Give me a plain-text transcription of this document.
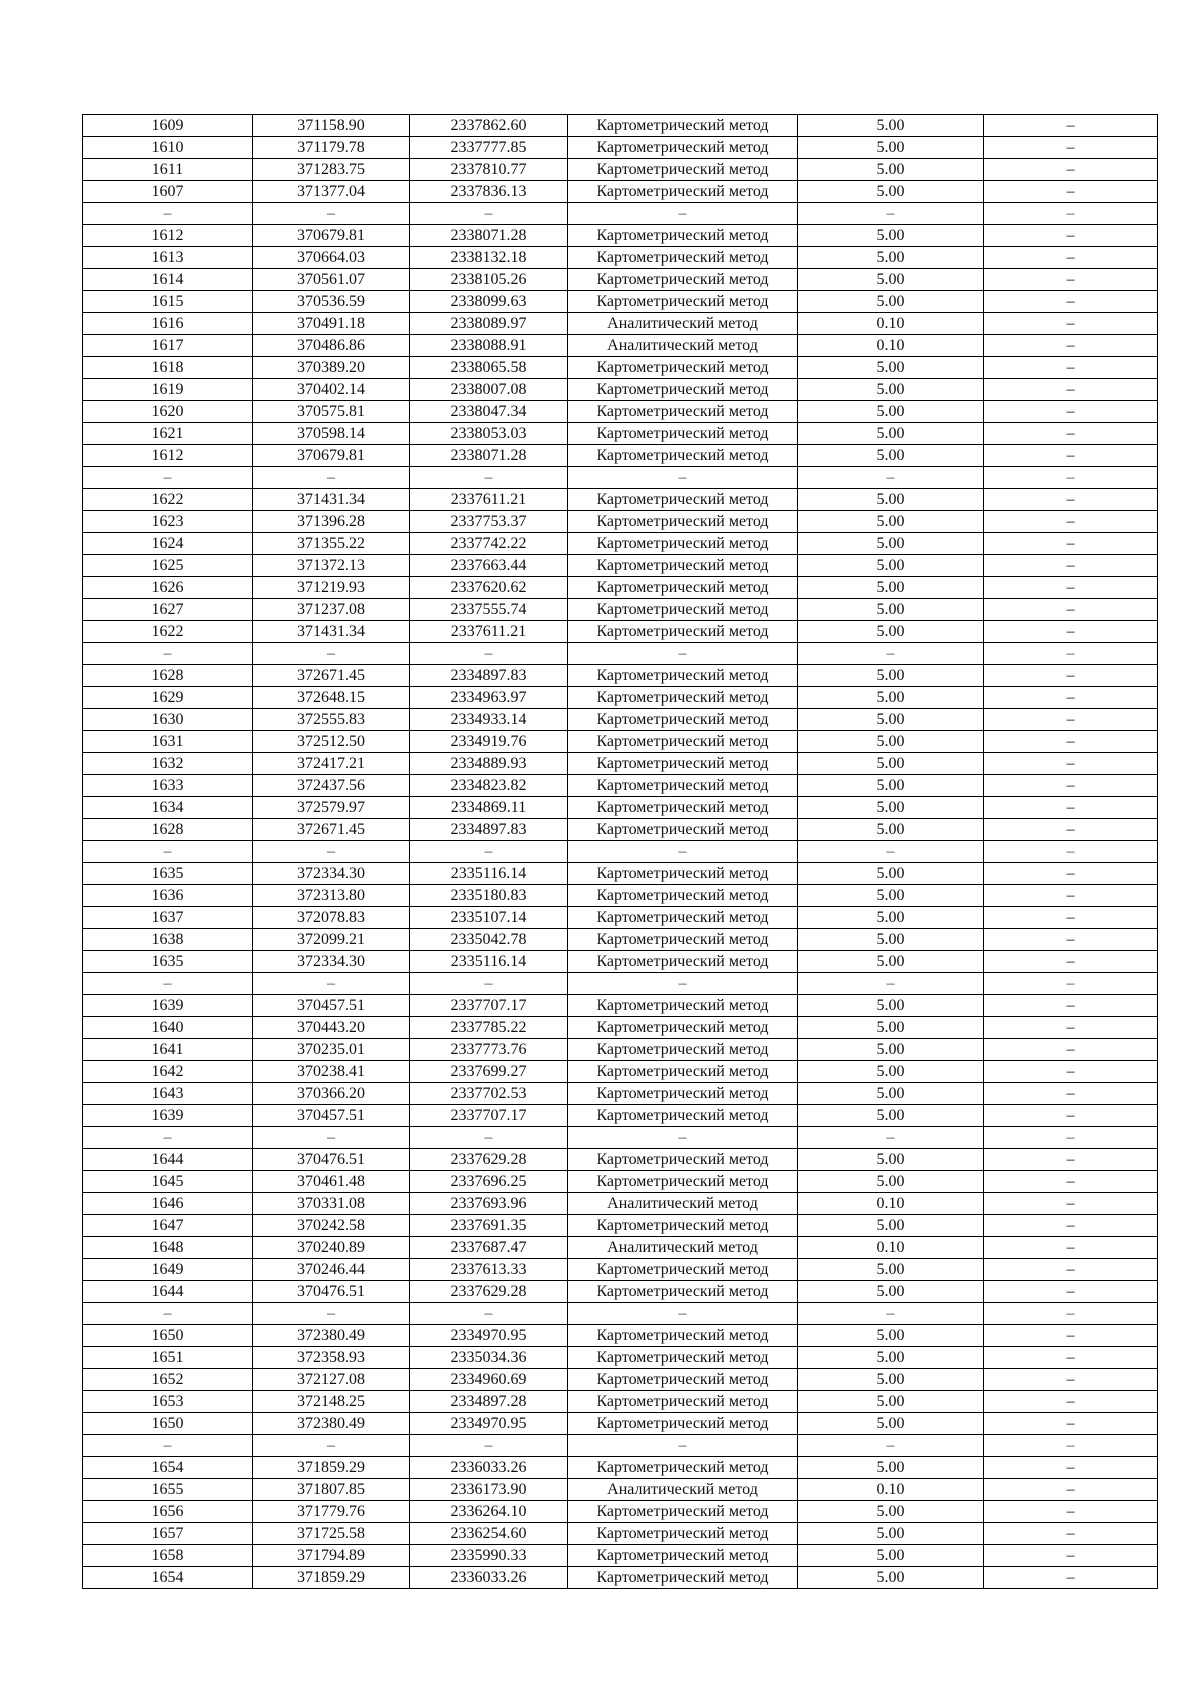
1609	371158.90	2337862.60	Картометрический метод	5.00	–
1610	371179.78	2337777.85	Картометрический метод	5.00	–
1611	371283.75	2337810.77	Картометрический метод	5.00	–
1607	371377.04	2337836.13	Картометрический метод	5.00	–
–	–	–	–	–	–
1612	370679.81	2338071.28	Картометрический метод	5.00	–
1613	370664.03	2338132.18	Картометрический метод	5.00	–
1614	370561.07	2338105.26	Картометрический метод	5.00	–
1615	370536.59	2338099.63	Картометрический метод	5.00	–
1616	370491.18	2338089.97	Аналитический метод	0.10	–
1617	370486.86	2338088.91	Аналитический метод	0.10	–
1618	370389.20	2338065.58	Картометрический метод	5.00	–
1619	370402.14	2338007.08	Картометрический метод	5.00	–
1620	370575.81	2338047.34	Картометрический метод	5.00	–
1621	370598.14	2338053.03	Картометрический метод	5.00	–
1612	370679.81	2338071.28	Картометрический метод	5.00	–
–	–	–	–	–	–
1622	371431.34	2337611.21	Картометрический метод	5.00	–
1623	371396.28	2337753.37	Картометрический метод	5.00	–
1624	371355.22	2337742.22	Картометрический метод	5.00	–
1625	371372.13	2337663.44	Картометрический метод	5.00	–
1626	371219.93	2337620.62	Картометрический метод	5.00	–
1627	371237.08	2337555.74	Картометрический метод	5.00	–
1622	371431.34	2337611.21	Картометрический метод	5.00	–
–	–	–	–	–	–
1628	372671.45	2334897.83	Картометрический метод	5.00	–
1629	372648.15	2334963.97	Картометрический метод	5.00	–
1630	372555.83	2334933.14	Картометрический метод	5.00	–
1631	372512.50	2334919.76	Картометрический метод	5.00	–
1632	372417.21	2334889.93	Картометрический метод	5.00	–
1633	372437.56	2334823.82	Картометрический метод	5.00	–
1634	372579.97	2334869.11	Картометрический метод	5.00	–
1628	372671.45	2334897.83	Картометрический метод	5.00	–
–	–	–	–	–	–
1635	372334.30	2335116.14	Картометрический метод	5.00	–
1636	372313.80	2335180.83	Картометрический метод	5.00	–
1637	372078.83	2335107.14	Картометрический метод	5.00	–
1638	372099.21	2335042.78	Картометрический метод	5.00	–
1635	372334.30	2335116.14	Картометрический метод	5.00	–
–	–	–	–	–	–
1639	370457.51	2337707.17	Картометрический метод	5.00	–
1640	370443.20	2337785.22	Картометрический метод	5.00	–
1641	370235.01	2337773.76	Картометрический метод	5.00	–
1642	370238.41	2337699.27	Картометрический метод	5.00	–
1643	370366.20	2337702.53	Картометрический метод	5.00	–
1639	370457.51	2337707.17	Картометрический метод	5.00	–
–	–	–	–	–	–
1644	370476.51	2337629.28	Картометрический метод	5.00	–
1645	370461.48	2337696.25	Картометрический метод	5.00	–
1646	370331.08	2337693.96	Аналитический метод	0.10	–
1647	370242.58	2337691.35	Картометрический метод	5.00	–
1648	370240.89	2337687.47	Аналитический метод	0.10	–
1649	370246.44	2337613.33	Картометрический метод	5.00	–
1644	370476.51	2337629.28	Картометрический метод	5.00	–
–	–	–	–	–	–
1650	372380.49	2334970.95	Картометрический метод	5.00	–
1651	372358.93	2335034.36	Картометрический метод	5.00	–
1652	372127.08	2334960.69	Картометрический метод	5.00	–
1653	372148.25	2334897.28	Картометрический метод	5.00	–
1650	372380.49	2334970.95	Картометрический метод	5.00	–
–	–	–	–	–	–
1654	371859.29	2336033.26	Картометрический метод	5.00	–
1655	371807.85	2336173.90	Аналитический метод	0.10	–
1656	371779.76	2336264.10	Картометрический метод	5.00	–
1657	371725.58	2336254.60	Картометрический метод	5.00	–
1658	371794.89	2335990.33	Картометрический метод	5.00	–
1654	371859.29	2336033.26	Картометрический метод	5.00	–
